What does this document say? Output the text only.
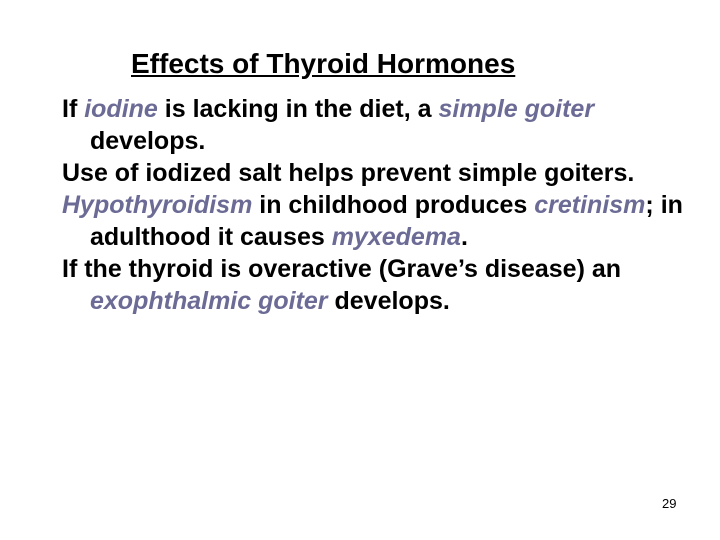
Effects of Thyroid Hormones

If iodine is lacking in the diet, a simple goiter develops.

Use of iodized salt helps prevent simple goiters.

Hypothyroidism in childhood produces cretinism; in adulthood it causes myxedema.

If the thyroid is overactive (Grave’s disease) an exophthalmic goiter develops.

29
